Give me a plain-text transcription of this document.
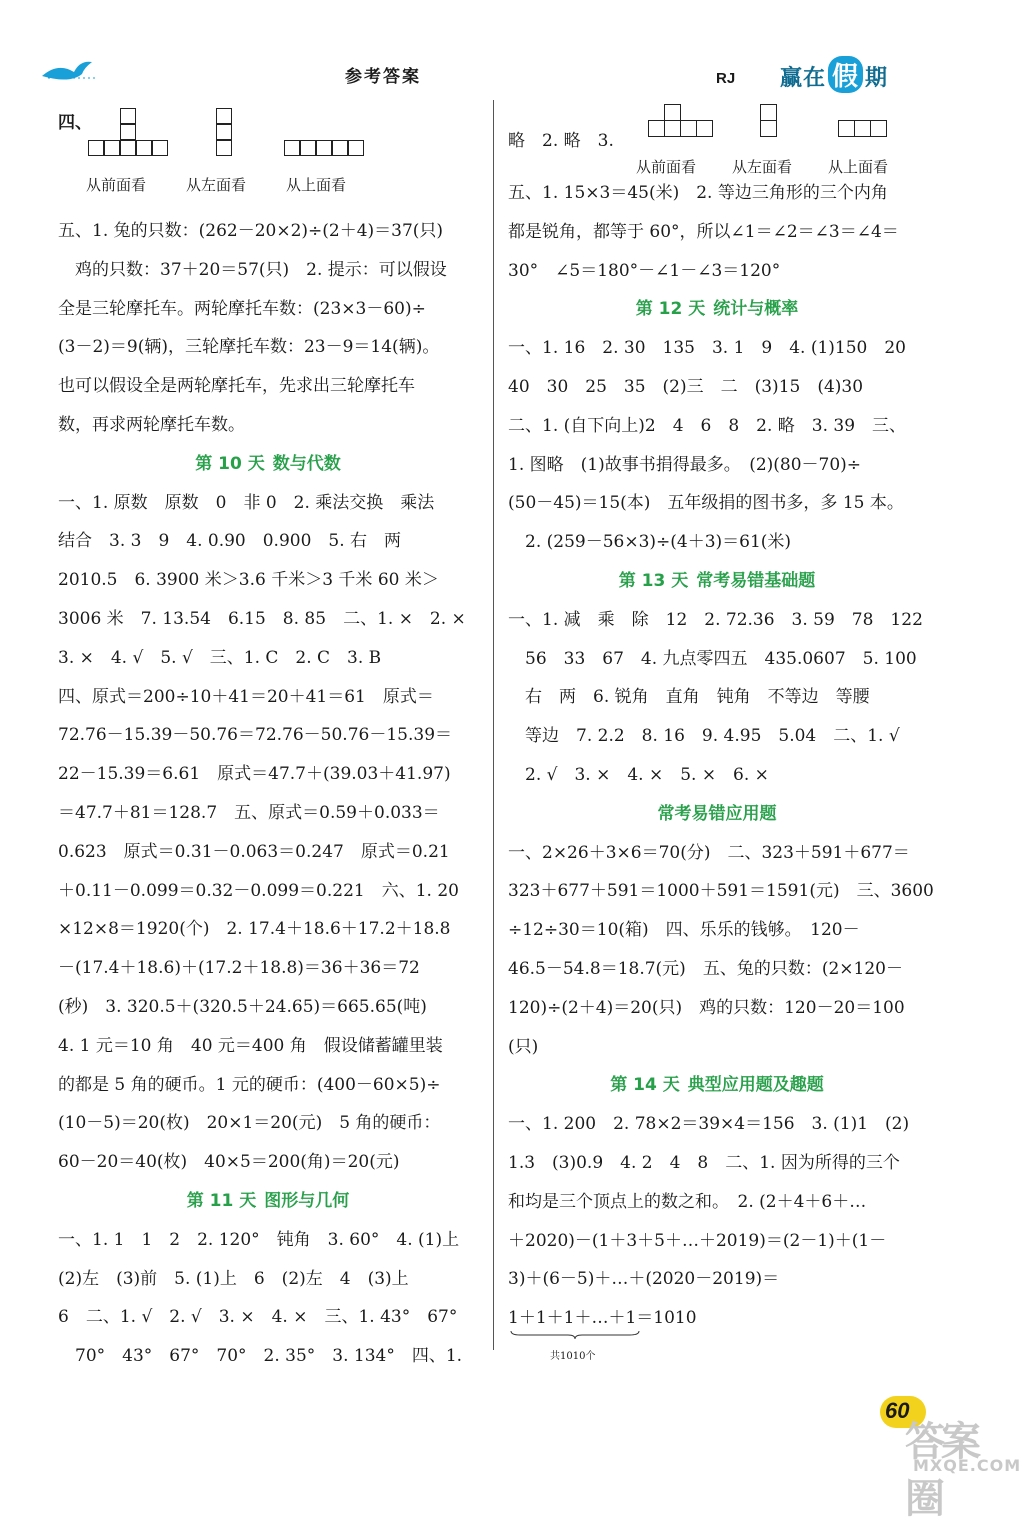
参考答案	RJ 赢在 假 期
四、
从前面看	从左面看	从上面看
五、1. 兔的只数：(262－20×2)÷(2＋4)＝37(只)
　鸡的只数：37＋20＝57(只)　2. 提示：可以假设
全是三轮摩托车。两轮摩托车数：(23×3－60)÷
(3－2)＝9(辆)，三轮摩托车数：23－9＝14(辆)。
也可以假设全是两轮摩托车，先求出三轮摩托车
数，再求两轮摩托车数。
第 10 天 数与代数
一、1. 原数　原数　0　非 0　2. 乘法交换　乘法
结合　3. 3　9　4. 0.90　0.900　5. 右　两
2010.5　6. 3900 米＞3.6 千米＞3 千米 60 米＞
3006 米　7. 13.54　6.15　8. 85　二、1. ×　2. ×
3. ×　4. √　5. √　三、1. C　2. C　3. B
四、原式＝200÷10＋41＝20＋41＝61　原式＝
72.76－15.39－50.76＝72.76－50.76－15.39＝
22－15.39＝6.61　原式＝47.7＋(39.03＋41.97)
＝47.7＋81＝128.7　五、原式＝0.59＋0.033＝
0.623　原式＝0.31－0.063＝0.247　原式＝0.21
＋0.11－0.099＝0.32－0.099＝0.221　六、1. 20
×12×8＝1920(个)　2. 17.4＋18.6＋17.2＋18.8
－(17.4＋18.6)＋(17.2＋18.8)＝36＋36＝72
(秒)　3. 320.5＋(320.5＋24.65)＝665.65(吨)
4. 1 元＝10 角　40 元＝400 角　假设储蓄罐里装
的都是 5 角的硬币。1 元的硬币：(400－60×5)÷
(10－5)＝20(枚)　20×1＝20(元)　5 角的硬币：
60－20＝40(枚)　40×5＝200(角)＝20(元)
第 11 天 图形与几何
一、1. 1　1　2　2. 120°　钝角　3. 60°　4. (1)上
(2)左　(3)前　5. (1)上　6　(2)左　4　(3)上
6　二、1. √　2. √　3. ×　4. ×　三、1. 43°　67°
　70°　43°　67°　70°　2. 35°　3. 134°　四、1.
略　2. 略　3.
从前面看 从左面看 从上面看
五、1. 15×3＝45(米)　2. 等边三角形的三个内角
都是锐角，都等于 60°，所以∠1＝∠2＝∠3＝∠4＝
30°　∠5＝180°－∠1－∠3＝120°
第 12 天 统计与概率
一、1. 16　2. 30　135　3. 1　9　4. (1)150　20
40　30　25　35　(2)三　二　(3)15　(4)30
二、1. (自下向上)2　4　6　8　2. 略　3. 39　三、
1. 图略　(1)故事书捐得最多。　(2)(80－70)÷
(50－45)＝15(本)　五年级捐的图书多，多 15 本。
　2. (259－56×3)÷(4＋3)＝61(米)
第 13 天 常考易错基础题
一、1. 减　乘　除　12　2. 72.36　3. 59　78　122
　56　33　67　4. 九点零四五　435.0607　5. 100
　右　两　6. 锐角　直角　钝角　不等边　等腰
　等边　7. 2.2　8. 16　9. 4.95　5.04　二、1. √
　2. √　3. ×　4. ×　5. ×　6. ×
常考易错应用题
一、2×26＋3×6＝70(分)　二、323＋591＋677＝
323＋677＋591＝1000＋591＝1591(元)　三、3600
÷12÷30＝10(箱)　四、乐乐的钱够。　120－
46.5－54.8＝18.7(元)　五、兔的只数：(2×120－
120)÷(2＋4)＝20(只)　鸡的只数：120－20＝100
(只)
第 14 天 典型应用题及趣题
一、1. 200　2. 78×2＝39×4＝156　3. (1)1　(2)
1.3　(3)0.9　4. 2　4　8　二、1. 因为所得的三个
和均是三个顶点上的数之和。　2. (2＋4＋6＋…
＋2020)－(1＋3＋5＋…＋2019)＝(2－1)＋(1－
3)＋(6－5)＋…＋(2020－2019)＝
1＋1＋1＋…＋1＝1010
共1010个
60
答案圈
MXQE.COM
